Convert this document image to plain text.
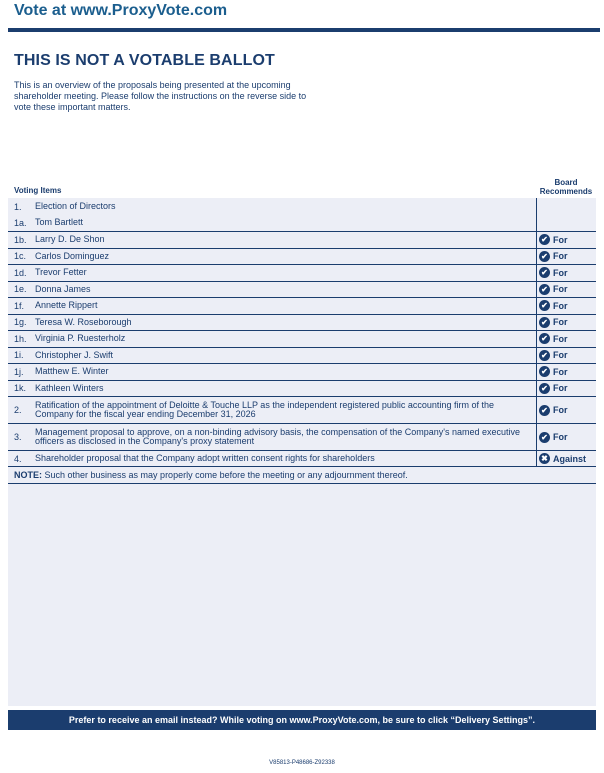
Vote at www.ProxyVote.com
THIS IS NOT A VOTABLE BALLOT
This is an overview of the proposals being presented at the upcoming shareholder meeting. Please follow the instructions on the reverse side to vote these important matters.
Voting Items
Board Recommends
1.	Election of Directors
1a. Tom Bartlett
1b. Larry D. De Shon	✔ For
1c. Carlos Dominguez	✔ For
1d. Trevor Fetter	✔ For
1e. Donna James	✔ For
1f.	Annette Rippert	✔ For
1g. Teresa W. Roseborough	✔ For
1h. Virginia P. Ruesterholz	✔ For
1i.	Christopher J. Swift	✔ For
1j.	Matthew E. Winter	✔ For
1k. Kathleen Winters	✔ For
2.
Ratification of the appointment of Deloitte & Touche LLP as the independent registered public accounting firm of the Company for the fiscal year ending December 31, 2026	✔ For
3.
Management proposal to approve, on a non-binding advisory basis, the compensation of the Company's named executive officers as disclosed in the Company's proxy statement	✔ For
4.	Shareholder proposal that the Company adopt written consent rights for shareholders	✖ Against
NOTE: Such other business as may properly come before the meeting or any adjournment thereof.
Prefer to receive an email instead? While voting on www.ProxyVote.com, be sure to click “Delivery Settings”.
V85813-P48686-Z92338
